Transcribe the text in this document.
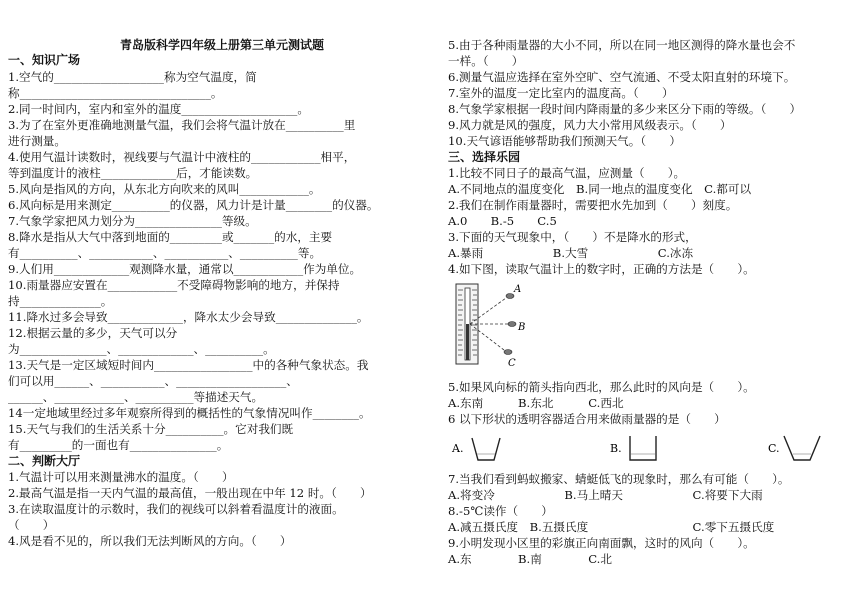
青岛版科学四年级上册第三单元测试题
一、知识广场
1.空气的___________________称为空气温度，简
称_________________________________。
2.同一时间内，室内和室外的温度____________________。
3.为了在室外更准确地测量气温，我们会将气温计放在__________里
进行测量。
4.使用气温计读数时，视线要与气温计中液柱的____________相平，
等到温度计的液柱_____________后，才能读数。
5.风向是指风的方向，从东北方向吹来的风叫____________。
6.风向标是用来测定__________的仪器，风力计是计量________的仪器。
7.气象学家把风力划分为_______________等级。
8.降水是指从大气中落到地面的_________或_______的水，主要
有__________、___________、___________、__________等。
9.人们用_____________观测降水量，通常以____________作为单位。
10.雨量器应安置在____________不受障碍物影响的地方，并保持
持______________。
11.降水过多会导致_____________，降水太少会导致______________。
12.根据云量的多少，天气可以分
为_______________、_____________、__________。
13.天气是一定区域短时间内_________________中的各种气象状态。我
们可以用______、___________、___________________、
______、____________、__________等描述天气。
14一定地域里经过多年观察所得到的概括性的气象情况叫作________。
15.天气与我们的生活关系十分__________。它对我们既
有_________的一面也有_______________。
二、判断大厅
1.气温计可以用来测量沸水的温度。（　　）
2.最高气温是指一天内气温的最高值，一般出现在中年 12 时。（　　）
3.在读取温度计的示数时，我们的视线可以斜着看温度计的液面。
（　　）
4.风是看不见的，所以我们无法判断风的方向。（　　）
5.由于各种雨量器的大小不同，所以在同一地区测得的降水量也会不
一样。（　　）
6.测量气温应选择在室外空旷、空气流通、不受太阳直射的环境下。
7.室外的温度一定比室内的温度高。（　　）
8.气象学家根据一段时间内降雨量的多少来区分下雨的等级。（　　）
9.风力就是风的强度，风力大小常用风级表示。（　　）
10.天气谚语能够帮助我们预测天气。（　　）
三、选择乐园
1.比较不同日子的最高气温，应测量（　　）。
A.不同地点的温度变化　B.同一地点的温度变化　C.都可以
2.我们在制作雨量器时，需要把水先加到（　　）刻度。
A.0　　B.-5　　C.5
3.下面的天气现象中，（　　）不是降水的形式，
A.暴雨　　　　　　B.大雪　　　　　　C.冰冻
4.如下图，读取气温计上的数字时，正确的方法是（　　）。
A
B
C
5.如果风向标的箭头指向西北，那么此时的风向是（　　）。
A.东南　　　B.东北　　　C.西北
6 以下形状的透明容器适合用来做雨量器的是（　　）
A.	B.	C.
7.当我们看到蚂蚁搬家、蜻蜓低飞的现象时，那么有可能（　　）。
A.将变冷　　　　　　B.马上晴天　　　　　　C.将要下大雨
8.-5℃读作（　　）
A.减五摄氏度　B.五摄氏度　　　　　　　　　C.零下五摄氏度
9.小明发现小区里的彩旗正向南面飘，这时的风向（　　）。
A.东　　　　B.南　　　　C.北
